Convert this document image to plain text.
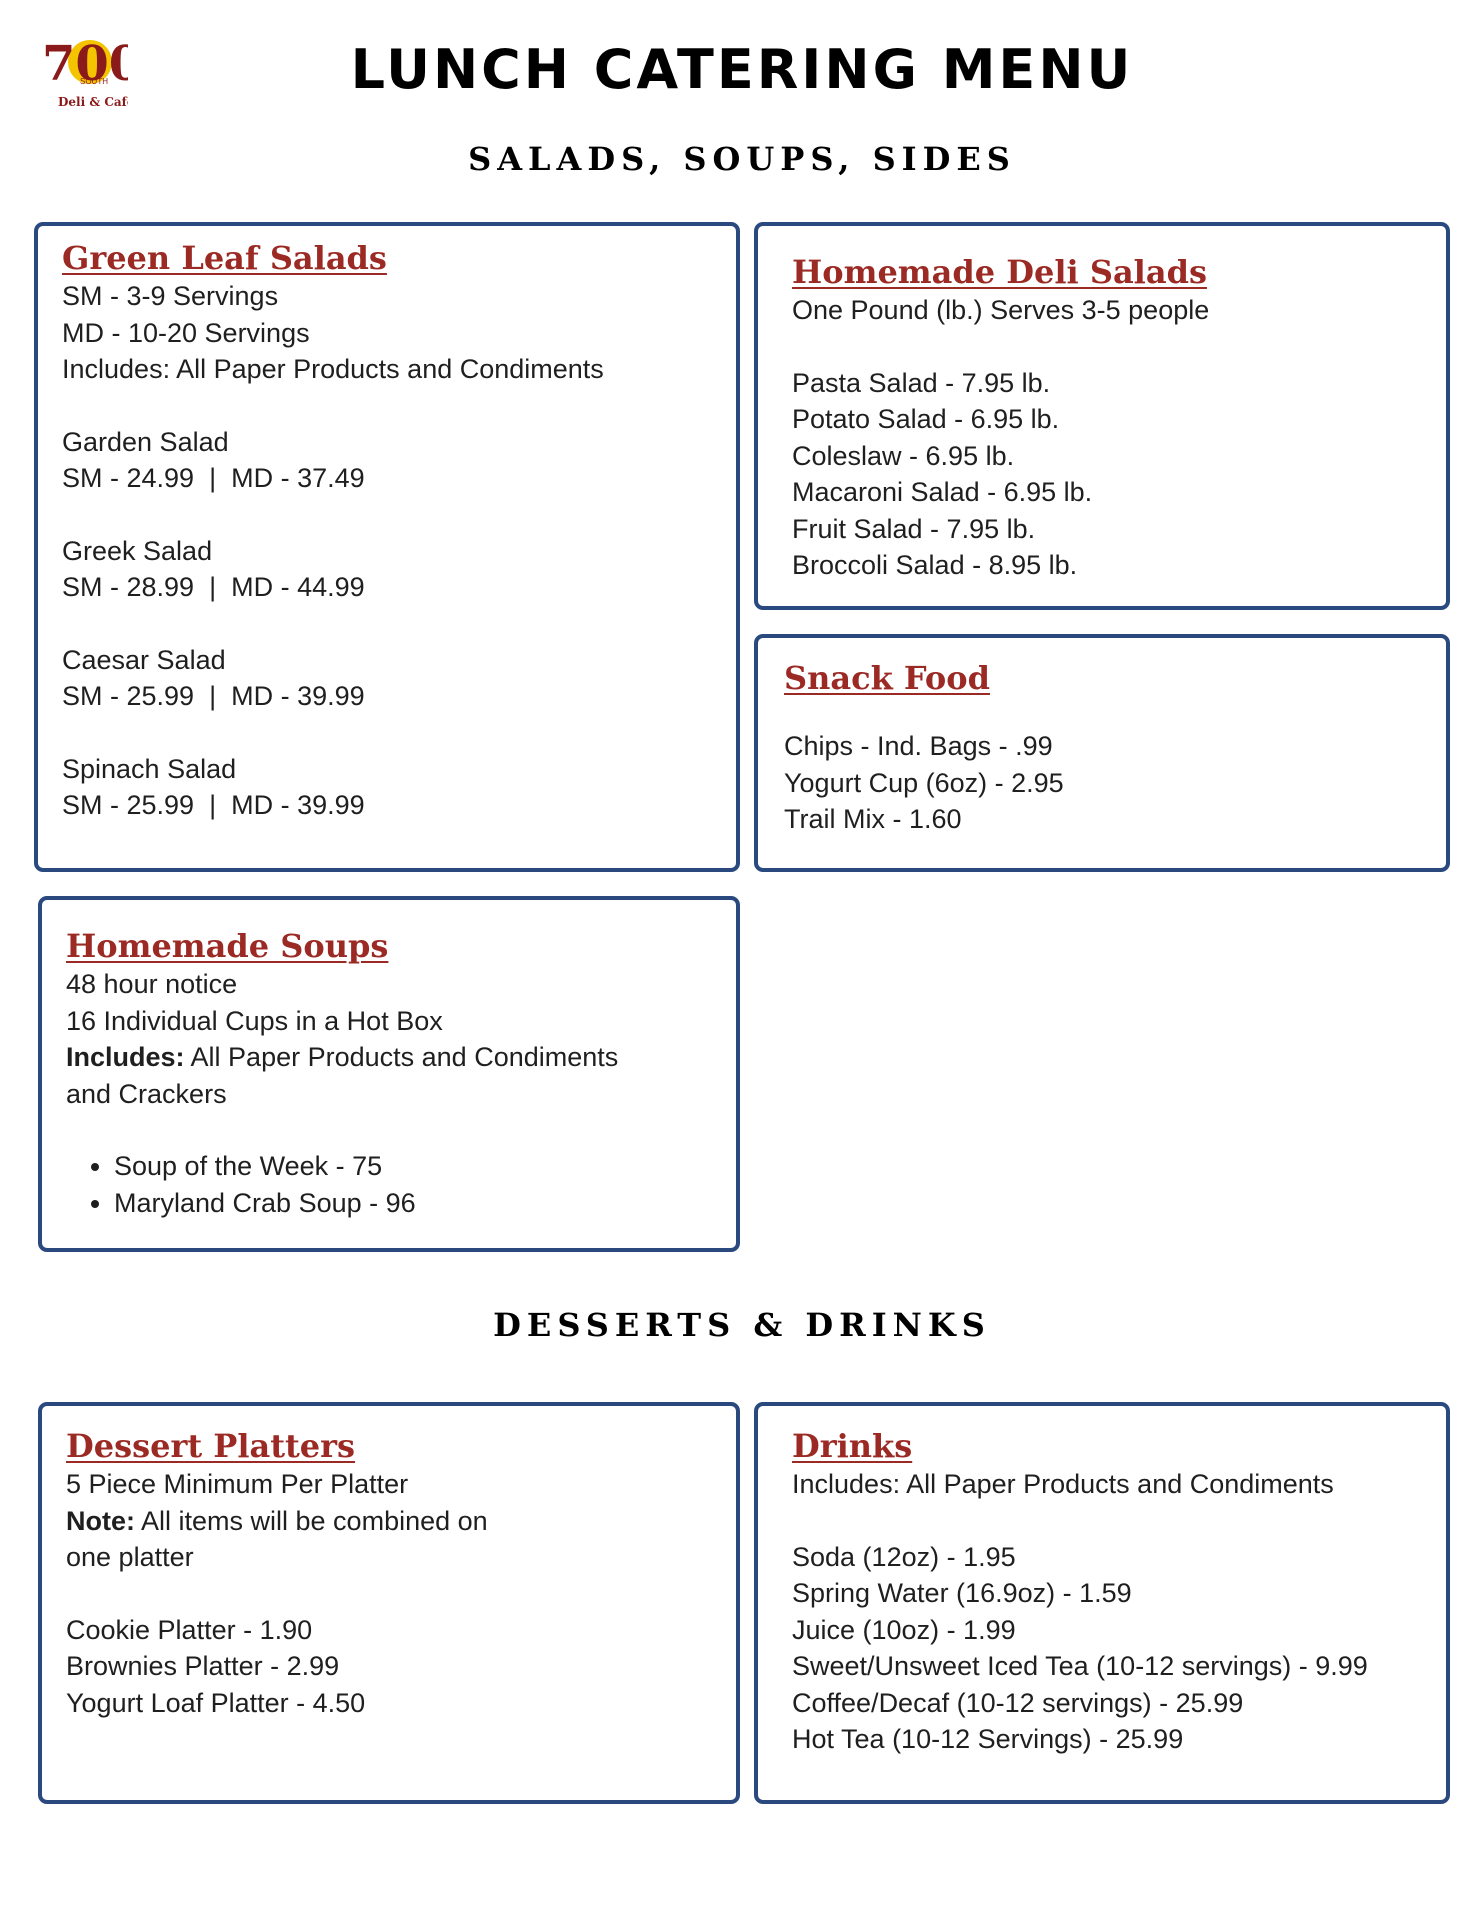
700
SOUTH
Deli & Cafe
LUNCH CATERING MENU
SALADS, SOUPS, SIDES
Green Leaf Salads
SM - 3-9 Servings
MD - 10-20 Servings
Includes: All Paper Products and Condiments
Garden Salad
SM - 24.99  |  MD - 37.49
Greek Salad
SM - 28.99  |  MD - 44.99
Caesar Salad
SM - 25.99  |  MD - 39.99
Spinach Salad
SM - 25.99  |  MD - 39.99
Homemade Deli Salads
One Pound (lb.) Serves 3-5 people
Pasta Salad - 7.95 lb.
Potato Salad - 6.95 lb.
Coleslaw - 6.95 lb.
Macaroni Salad - 6.95 lb.
Fruit Salad - 7.95 lb.
Broccoli Salad - 8.95 lb.
Snack Food
Chips - Ind. Bags - .99
Yogurt Cup (6oz) - 2.95
Trail Mix - 1.60
Homemade Soups
48 hour notice
16 Individual Cups in a Hot Box
Includes: All Paper Products and Condiments
and Crackers
• Soup of the Week - 75
• Maryland Crab Soup - 96
DESSERTS & DRINKS
Dessert Platters
5 Piece Minimum Per Platter
Note: All items will be combined on
one platter
Cookie Platter - 1.90
Brownies Platter - 2.99
Yogurt Loaf Platter - 4.50
Drinks
Includes: All Paper Products and Condiments
Soda (12oz) - 1.95
Spring Water (16.9oz) - 1.59
Juice (10oz) - 1.99
Sweet/Unsweet Iced Tea (10-12 servings) - 9.99
Coffee/Decaf (10-12 servings) - 25.99
Hot Tea (10-12 Servings) - 25.99
